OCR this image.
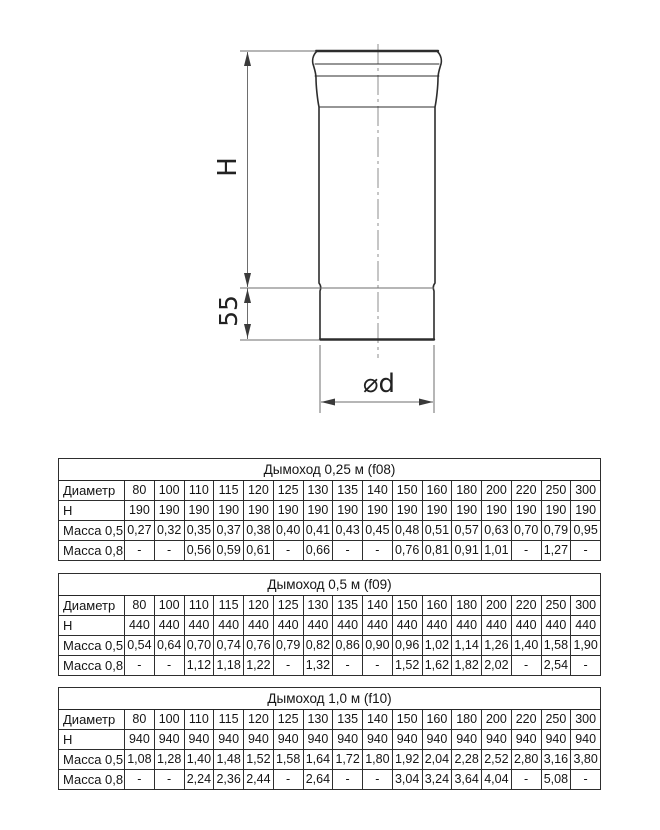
H
55
⌀d
Дымоход 0,25 м (f08)																
Диаметр	80	100	110	115	120	125	130	135	140	150	160	180	200	220	250	300
H	190	190	190	190	190	190	190	190	190	190	190	190	190	190	190	190
Масса 0,5	0,27	0,32	0,35	0,37	0,38	0,40	0,41	0,43	0,45	0,48	0,51	0,57	0,63	0,70	0,79	0,95
Масса 0,8	-	-	0,56	0,59	0,61	-	0,66	-	-	0,76	0,81	0,91	1,01	-	1,27	-
Дымоход 0,5 м (f09)																
Диаметр	80	100	110	115	120	125	130	135	140	150	160	180	200	220	250	300
H	440	440	440	440	440	440	440	440	440	440	440	440	440	440	440	440
Масса 0,5	0,54	0,64	0,70	0,74	0,76	0,79	0,82	0,86	0,90	0,96	1,02	1,14	1,26	1,40	1,58	1,90
Масса 0,8	-	-	1,12	1,18	1,22	-	1,32	-	-	1,52	1,62	1,82	2,02	-	2,54	-
Дымоход 1,0 м (f10)																
Диаметр	80	100	110	115	120	125	130	135	140	150	160	180	200	220	250	300
H	940	940	940	940	940	940	940	940	940	940	940	940	940	940	940	940
Масса 0,5	1,08	1,28	1,40	1,48	1,52	1,58	1,64	1,72	1,80	1,92	2,04	2,28	2,52	2,80	3,16	3,80
Масса 0,8	-	-	2,24	2,36	2,44	-	2,64	-	-	3,04	3,24	3,64	4,04	-	5,08	-
